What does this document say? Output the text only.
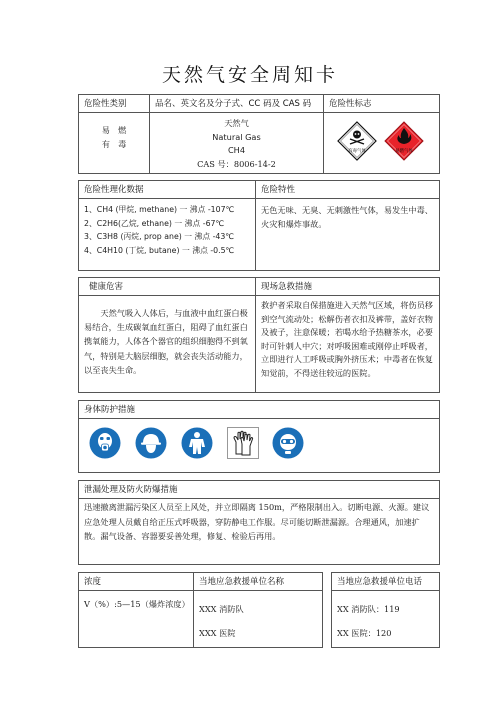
天然气安全周知卡
危险性类别
易　燃
有　毒
品名、英文名及分子式、CC 码及 CAS 码
天然气
Natural Gas
CH4
CAS 号：8006-14-2
危险性标志
有毒气体	易燃气体
危险性理化数据
1、CH4 (甲烷, methane) 一 沸点 -107℃
2、C2H6(乙烷, ethane) 一 沸点 -67℃
3、C3H8 (丙烷, prop ane) 一 沸点 -43℃
4、C4H10 (丁烷, butane) 一 沸点 -0.5℃
危险特性
无色无味、无臭、无刺激性气体，易发生中毒、火灾和爆炸事故。
健康危害
天然气吸入人体后，与血液中血红蛋白极易结合，生成碳氧血红蛋白，阻碍了血红蛋白携氧能力，人体各个器官的组织细胞得不到氧气，特别是大脑层细胞，就会丧失活动能力，以至丧失生命。
现场急救措施
救护者采取自保措施进入天然气区域，将伤员移到空气流动处；松解伤者衣扣及裤带，盖好衣物及被子，注意保暖；若喝水给予热糖茶水，必要时可针刺人中穴；对呼吸困难或刚停止呼吸者，立即进行人工呼吸或胸外挤压术；中毒者在恢复知觉前，不得送往较远的医院。
身体防护措施
泄漏处理及防火防爆措施
迅速撤离泄漏污染区人员至上风处，并立即隔离 150m，严格限制出入。切断电源、火源。建议应急处理人员戴自给正压式呼吸器，穿防静电工作服。尽可能切断泄漏源。合理通风，加速扩散。漏气设备、容器要妥善处理，修复、检验后再用。
浓度
V（%）:5—15（爆炸浓度）
当地应急救援单位名称
XXX 消防队
XXX 医院
当地应急救援单位电话
XX 消防队：119
XX 医院：120
